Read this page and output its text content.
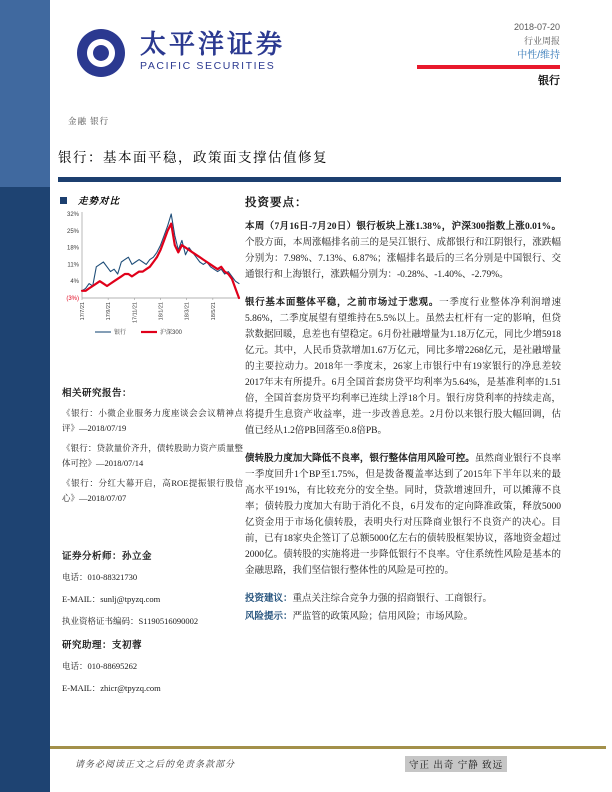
太平洋证券
PACIFIC SECURITIES
2018-07-20
行业周报
中性/维持
银行
金融 银行
银行：基本面平稳，政策面支撑估值修复
走势对比
32%
25%
18%
11%
4%
(3%)
17/7/21	17/9/21	17/11/21	18/1/21	18/3/21	18/5/21
银行	沪深300
相关研究报告：
《银行：小微企业服务力度座谈会会议精神点评》—2018/07/19
《银行：贷款量价齐升，债转股助力资产质量整体可控》—2018/07/14
《银行：分红大幕开启，高ROE提振银行股信心》—2018/07/07
证券分析师：孙立金
电话：010-88321730
E-MAIL：sunlj@tpyzq.com
执业资格证书编码：S1190516090002
研究助理：支初蓉
电话：010-88695262
E-MAIL：zhicr@tpyzq.com
投资要点：
本周（7月16日-7月20日）银行板块上涨1.38%，沪深300指数上涨0.01%。个股方面，本周涨幅排名前三的是吴江银行、成都银行和江阴银行，涨跌幅分别为：7.98%、7.13%、6.87%；涨幅排名最后的三名分别是中国银行、交通银行和上海银行，涨跌幅分别为：-0.28%、-1.40%、-2.79%。
银行基本面整体平稳，之前市场过于悲观。一季度行业整体净利润增速5.86%，二季度展望有望维持在5.5%以上。虽然去杠杆有一定的影响，但贷款数据回暖，息差也有望稳定。6月份社融增量为1.18万亿元，同比少增5918亿元。其中，人民币贷款增加1.67万亿元，同比多增2268亿元，是社融增量的主要拉动力。2018年一季度末，26家上市银行中有19家银行的净息差较2017年末有所提升。6月全国首套房贷平均利率为5.64%，是基准利率的1.51倍，全国首套房贷平均利率已连续上浮18个月。银行房贷利率的持续走高，将提升生息资产收益率，进一步改善息差。2月份以来银行股大幅回调，估值已经从1.2倍PB回落至0.8倍PB。
债转股力度加大降低不良率，银行整体信用风险可控。虽然商业银行不良率一季度回升1个BP至1.75%，但是拨备覆盖率达到了2015年下半年以来的最高水平191%，有比较充分的安全垫。同时，贷款增速回升，可以摊薄不良率；债转股力度加大有助于消化不良，6月发布的定向降准政策，释放5000亿资金用于市场化债转股，表明央行对压降商业银行不良资产的决心。目前，已有18家央企签订了总额5000亿左右的债转股框架协议，落地资金超过2000亿。债转股的实施将进一步降低银行不良率。守住系统性风险是基本的金融思路，我们坚信银行整体性的风险是可控的。
投资建议：重点关注综合竞争力强的招商银行、工商银行。
风险提示：严监管的政策风险；信用风险；市场风险。
请务必阅读正文之后的免责条款部分	守正 出奇 宁静 致远
